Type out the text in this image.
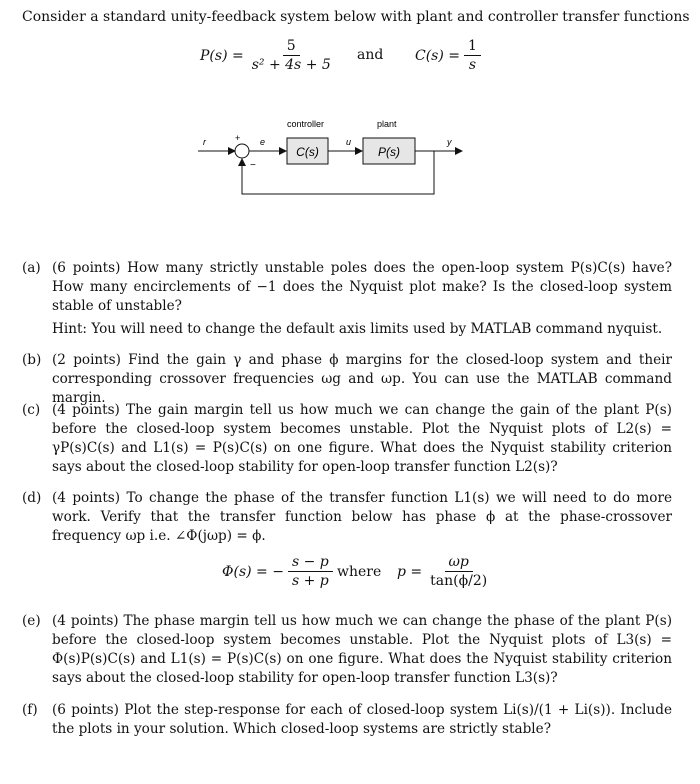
Consider a standard unity-feedback system below with plant and controller transfer functions
$P(s) = \frac{5}{\text{s² + 4s + 5}}$ and $C(s) = \frac{1}{s}$
controller	plant
r	+
−
e	u	y
C(s)	P(s)
(a) (6 points) How many strictly unstable poles does the open-loop system P(s)C(s) have? How many encirclements of −1 does the Nyquist plot make? Is the closed-loop system stable of unstable?
Hint: You will need to change the default axis limits used by MATLAB command nyquist.
(b) (2 points) Find the gain γ and phase ϕ margins for the closed-loop system and their corresponding crossover frequencies ωg and ωp. You can use the MATLAB command margin.
(c) (4 points) The gain margin tell us how much we can change the gain of the plant P(s) before the closed-loop system becomes unstable. Plot the Nyquist plots of L2(s) = γP(s)C(s) and L1(s) = P(s)C(s) on one figure. What does the Nyquist stability criterion says about the closed-loop stability for open-loop transfer function L2(s)?
(d) (4 points) To change the phase of the transfer function L1(s) we will need to do more work. Verify that the transfer function below has phase ϕ at the phase-crossover frequency ωp i.e. ∠Φ(jωp) = ϕ.
Φ(s) = − $\frac{s - p}{s + p}$ where $p = \frac{\omega p}{\tan(\phi/2)}$
(e) (4 points) The phase margin tell us how much we can change the phase of the plant P(s) before the closed-loop system becomes unstable. Plot the Nyquist plots of L3(s) = Φ(s)P(s)C(s) and L1(s) = P(s)C(s) on one figure. What does the Nyquist stability criterion says about the closed-loop stability for open-loop transfer function L3(s)?
(f) (6 points) Plot the step-response for each of closed-loop system Li(s)/(1 + Li(s)). Include the plots in your solution. Which closed-loop systems are strictly stable?
